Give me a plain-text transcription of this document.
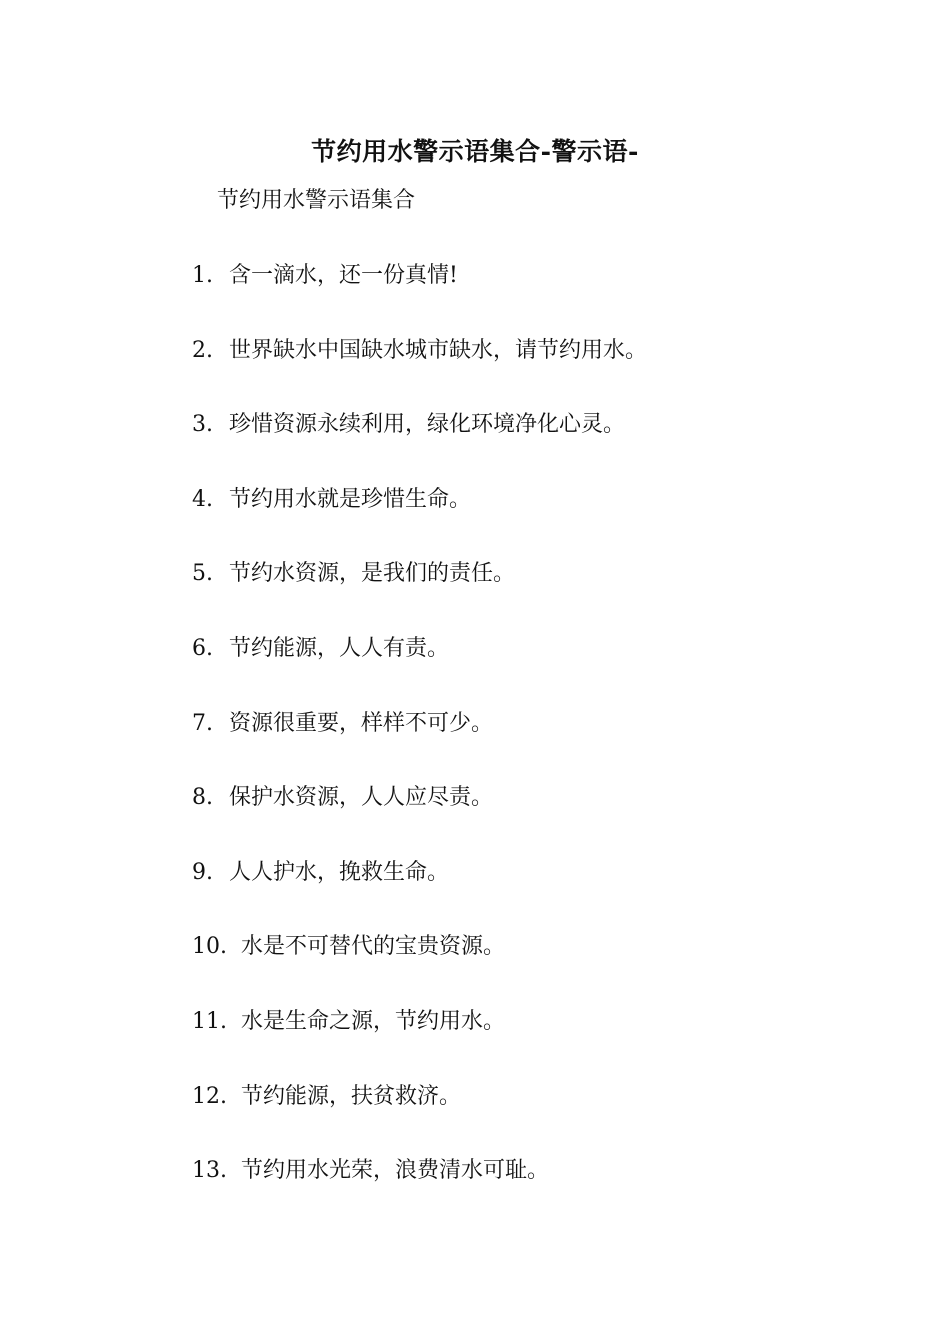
节约用水警示语集合-警示语-
节约用水警示语集合
1. 含一滴水，还一份真情!
2. 世界缺水中国缺水城市缺水，请节约用水。
3. 珍惜资源永续利用，绿化环境净化心灵。
4. 节约用水就是珍惜生命。
5. 节约水资源，是我们的责任。
6. 节约能源，人人有责。
7. 资源很重要，样样不可少。
8. 保护水资源，人人应尽责。
9. 人人护水，挽救生命。
10. 水是不可替代的宝贵资源。
11. 水是生命之源，节约用水。
12. 节约能源，扶贫救济。
13. 节约用水光荣，浪费清水可耻。
